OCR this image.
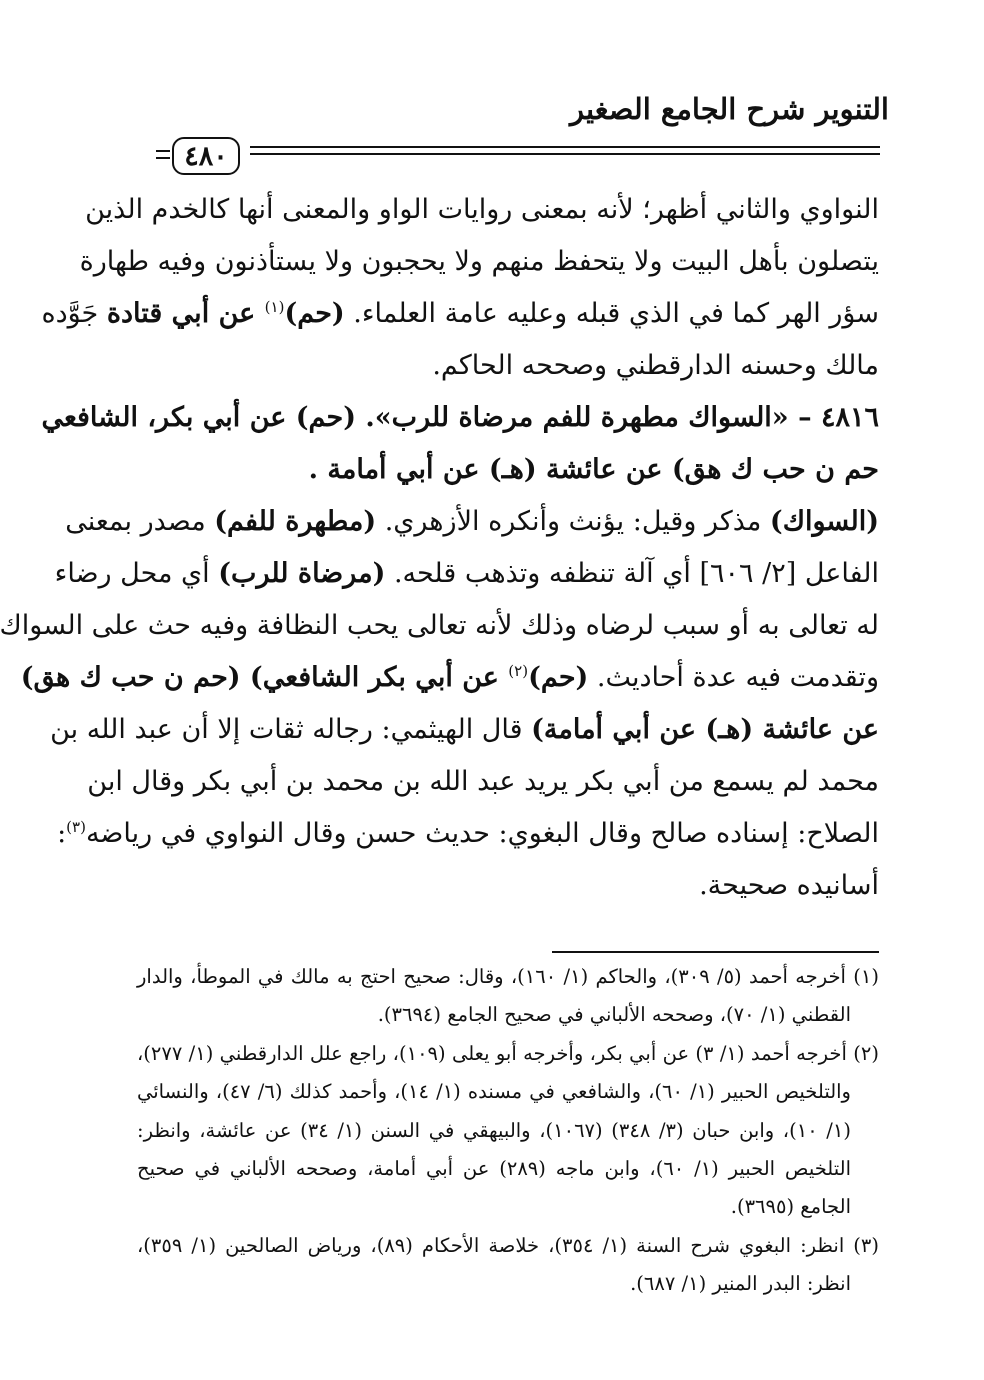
التنوير شرح الجامع الصغير
٤٨٠
النواوي والثاني أظهر؛ لأنه بمعنى روايات الواو والمعنى أنها كالخدم الذين
يتصلون بأهل البيت ولا يتحفظ منهم ولا يحجبون ولا يستأذنون وفيه طهارة
سؤر الهر كما في الذي قبله وعليه عامة العلماء. (حم)$^{(١)}$ عن أبي قتادة جَوَّده
مالك وحسنه الدارقطني وصححه الحاكم.
٤٨١٦ – «السواك مطهرة للفم مرضاة للرب». (حم) عن أبي بكر، الشافعي
حم ن حب ك هق) عن عائشة (هـ) عن أبي أمامة .
(السواك) مذكر وقيل: يؤنث وأنكره الأزهري. (مطهرة للفم) مصدر بمعنى
الفاعل [٢/ ٦٠٦] أي آلة تنظفه وتذهب قلحه. (مرضاة للرب) أي محل رضاء
له تعالى به أو سبب لرضاه وذلك لأنه تعالى يحب النظافة وفيه حث على السواك
وتقدمت فيه عدة أحاديث. (حم)$^{(٢)}$ عن أبي بكر الشافعي) (حم ن حب ك هق)
عن عائشة (هـ) عن أبي أمامة) قال الهيثمي: رجاله ثقات إلا أن عبد الله بن
محمد لم يسمع من أبي بكر يريد عبد الله بن محمد بن أبي بكر وقال ابن
الصلاح: إسناده صالح وقال البغوي: حديث حسن وقال النواوي في رياضه$^{(٣)}$:
أسانيده صحيحة.
(١) أخرجه أحمد (٥/ ٣٠٩)، والحاكم (١/ ١٦٠)، وقال: صحيح احتج به مالك في الموطأ، والدار
القطني (١/ ٧٠)، وصححه الألباني في صحيح الجامع (٣٦٩٤).
(٢) أخرجه أحمد (١/ ٣) عن أبي بكر، وأخرجه أبو يعلى (١٠٩)، راجع علل الدارقطني (١/ ٢٧٧)،
والتلخيص الحبير (١/ ٦٠)، والشافعي في مسنده (١/ ١٤)، وأحمد كذلك (٦/ ٤٧)، والنسائي
(١/ ١٠)، وابن حبان (٣/ ٣٤٨) (١٠٦٧)، والبيهقي في السنن (١/ ٣٤) عن عائشة، وانظر:
التلخيص الحبير (١/ ٦٠)، وابن ماجه (٢٨٩) عن أبي أمامة، وصححه الألباني في صحيح
الجامع (٣٦٩٥).
(٣) انظر: البغوي شرح السنة (١/ ٣٥٤)، خلاصة الأحكام (٨٩)، ورياض الصالحين (١/ ٣٥٩)،
انظر: البدر المنير (١/ ٦٨٧).
